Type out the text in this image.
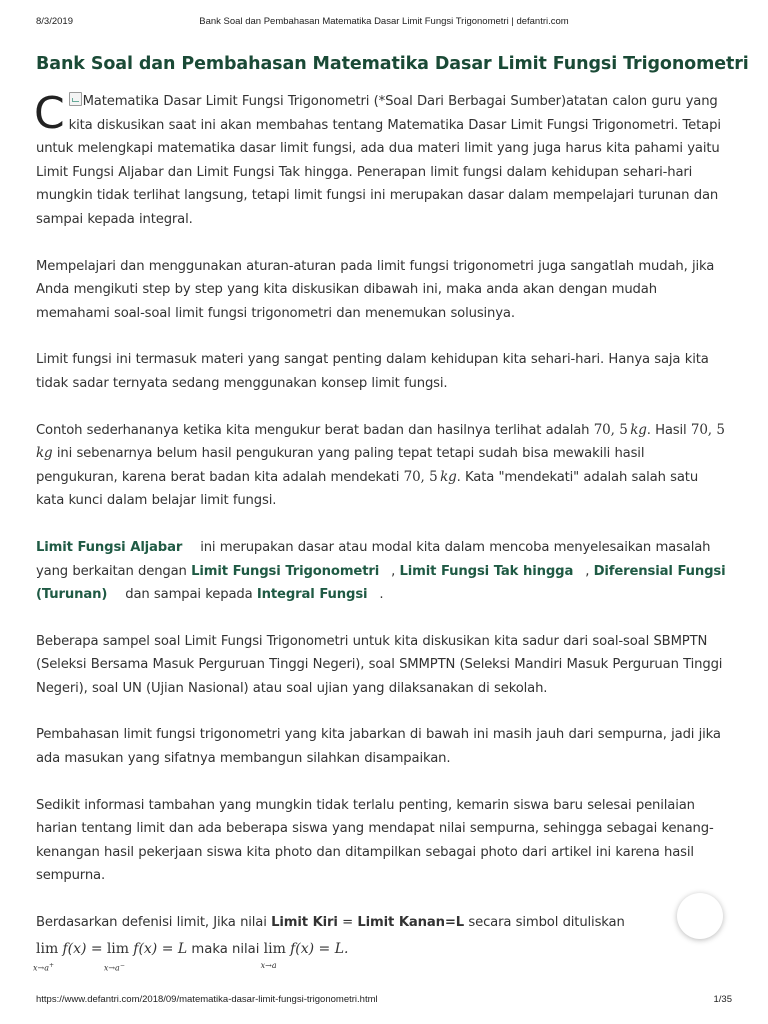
8/3/2019	Bank Soal dan Pembahasan Matematika Dasar Limit Fungsi Trigonometri | defantri.com
Bank Soal dan Pembahasan Matematika Dasar Limit Fungsi Trigonometri

C Matematika Dasar Limit Fungsi Trigonometri (*Soal Dari Berbagai Sumber)atatan calon guru yang kita diskusikan saat ini akan membahas tentang Matematika Dasar Limit Fungsi Trigonometri. Tetapi untuk melengkapi matematika dasar limit fungsi, ada dua materi limit yang juga harus kita pahami yaitu Limit Fungsi Aljabar dan Limit Fungsi Tak hingga. Penerapan limit fungsi dalam kehidupan sehari-hari mungkin tidak terlihat langsung, tetapi limit fungsi ini merupakan dasar dalam mempelajari turunan dan sampai kepada integral.

Mempelajari dan menggunakan aturan-aturan pada limit fungsi trigonometri juga sangatlah mudah, jika Anda mengikuti step by step yang kita diskusikan dibawah ini, maka anda akan dengan mudah memahami soal-soal limit fungsi trigonometri dan menemukan solusinya.

Limit fungsi ini termasuk materi yang sangat penting dalam kehidupan kita sehari-hari. Hanya saja kita tidak sadar ternyata sedang menggunakan konsep limit fungsi.

Contoh sederhananya ketika kita mengukur berat badan dan hasilnya terlihat adalah 70, 5  kg. Hasil 70, 5 kg ini sebenarnya belum hasil pengukuran yang paling tepat tetapi sudah bisa mewakili hasil pengukuran, karena berat badan kita adalah mendekati 70, 5  kg. Kata "mendekati" adalah salah satu kata kunci dalam belajar limit fungsi.

Limit Fungsi Aljabar ini merupakan dasar atau modal kita dalam mencoba menyelesaikan masalah yang berkaitan dengan Limit Fungsi Trigonometri , Limit Fungsi Tak hingga , Diferensial Fungsi (Turunan) dan sampai kepada Integral Fungsi .

Beberapa sampel soal Limit Fungsi Trigonometri untuk kita diskusikan kita sadur dari soal-soal SBMPTN (Seleksi Bersama Masuk Perguruan Tinggi Negeri), soal SMMPTN (Seleksi Mandiri Masuk Perguruan Tinggi Negeri), soal UN (Ujian Nasional) atau soal ujian yang dilaksanakan di sekolah.

Pembahasan limit fungsi trigonometri yang kita jabarkan di bawah ini masih jauh dari sempurna, jadi jika ada masukan yang sifatnya membangun silahkan disampaikan.

Sedikit informasi tambahan yang mungkin tidak terlalu penting, kemarin siswa baru selesai penilaian harian tentang limit dan ada beberapa siswa yang mendapat nilai sempurna, sehingga sebagai kenang-kenangan hasil pekerjaan siswa kita photo dan ditampilkan sebagai photo dari artikel ini karena hasil sempurna.

Berdasarkan defenisi limit, Jika nilai Limit Kiri = Limit Kanan=L secara simbol dituliskan

lim
x→a+
f(x) = lim
x→a−
f(x) = L maka nilai lim
x→a
f(x) = L.
https://www.defantri.com/2018/09/matematika-dasar-limit-fungsi-trigonometri.html	1/35
